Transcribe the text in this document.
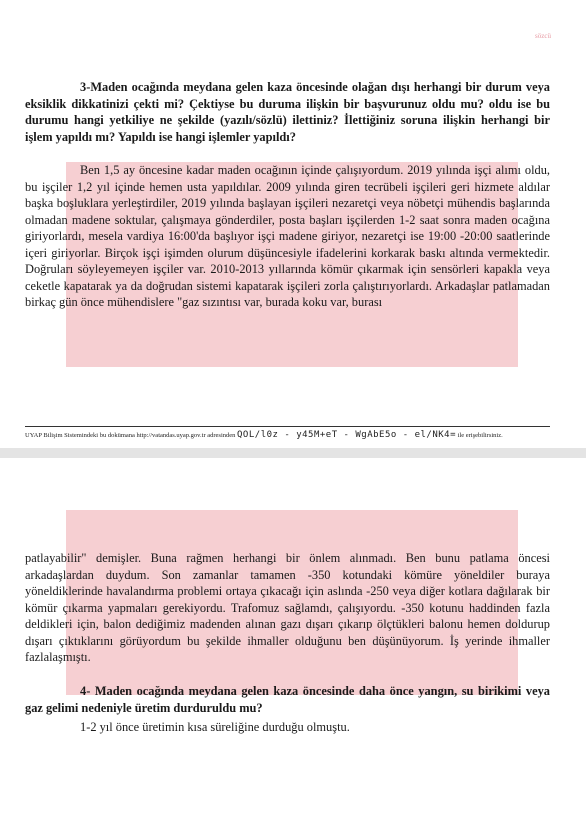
sözcü
3-Maden ocağında meydana gelen kaza öncesinde olağan dışı herhangi bir durum veya eksiklik dikkatinizi çekti mi? Çektiyse bu duruma ilişkin bir başvurunuz oldu mu? oldu ise bu durumu hangi yetkiliye ne şekilde (yazılı/sözlü) ilettiniz? İlettiğiniz soruna ilişkin herhangi bir işlem yapıldı mı? Yapıldı ise hangi işlemler yapıldı?
Ben 1,5 ay öncesine kadar maden ocağının içinde çalışıyordum. 2019 yılında işçi alımı oldu, bu işçiler 1,2 yıl içinde hemen usta yapıldılar. 2009 yılında giren tecrübeli işçileri geri hizmete aldılar başka boşluklara yerleştirdiler, 2019 yılında başlayan işçileri nezaretçi veya nöbetçi mühendis başlarında olmadan madene soktular, çalışmaya gönderdiler, posta başları işçilerden 1-2 saat sonra maden ocağına giriyorlardı, mesela vardiya 16:00'da başlıyor işçi madene giriyor, nezaretçi ise 19:00 -20:00 saatlerinde içeri giriyorlar. Birçok işçi işimden olurum düşüncesiyle ifadelerini korkarak baskı altında vermektedir. Doğruları söyleyemeyen işçiler var. 2010-2013 yıllarında kömür çıkarmak için sensörleri kapakla veya ceketle kapatarak ya da doğrudan sistemi kapatarak işçileri zorla çalıştırıyorlardı. Arkadaşlar patlamadan birkaç gün önce mühendislere "gaz sızıntısı var, burada koku var, burası
UYAP Bilişim Sistemindeki bu dokümana http://vatandas.uyap.gov.tr adresinden QOL/l0z - y45M+eT - WgAbE5o - el/NK4= ile erişebilirsiniz.
patlayabilir" demişler. Buna rağmen herhangi bir önlem alınmadı. Ben bunu patlama öncesi arkadaşlardan duydum. Son zamanlar tamamen -350 kotundaki kömüre yöneldiler buraya yöneldiklerinde havalandırma problemi ortaya çıkacağı için aslında -250 veya diğer kotlara dağılarak bir kömür çıkarma yapmaları gerekiyordu. Trafomuz sağlamdı, çalışıyordu. -350 kotunu haddinden fazla deldikleri için, balon dediğimiz madenden alınan gazı dışarı çıkarıp ölçtükleri balonu hemen doldurup dışarı çıktıklarını görüyordum bu şekilde ihmaller olduğunu ben düşünüyorum. İş yerinde ihmaller fazlalaşmıştı.
4- Maden ocağında meydana gelen kaza öncesinde daha önce yangın, su birikimi veya gaz gelimi nedeniyle üretim durduruldu mu?
1-2 yıl önce üretimin kısa süreliğine durduğu olmuştu.
